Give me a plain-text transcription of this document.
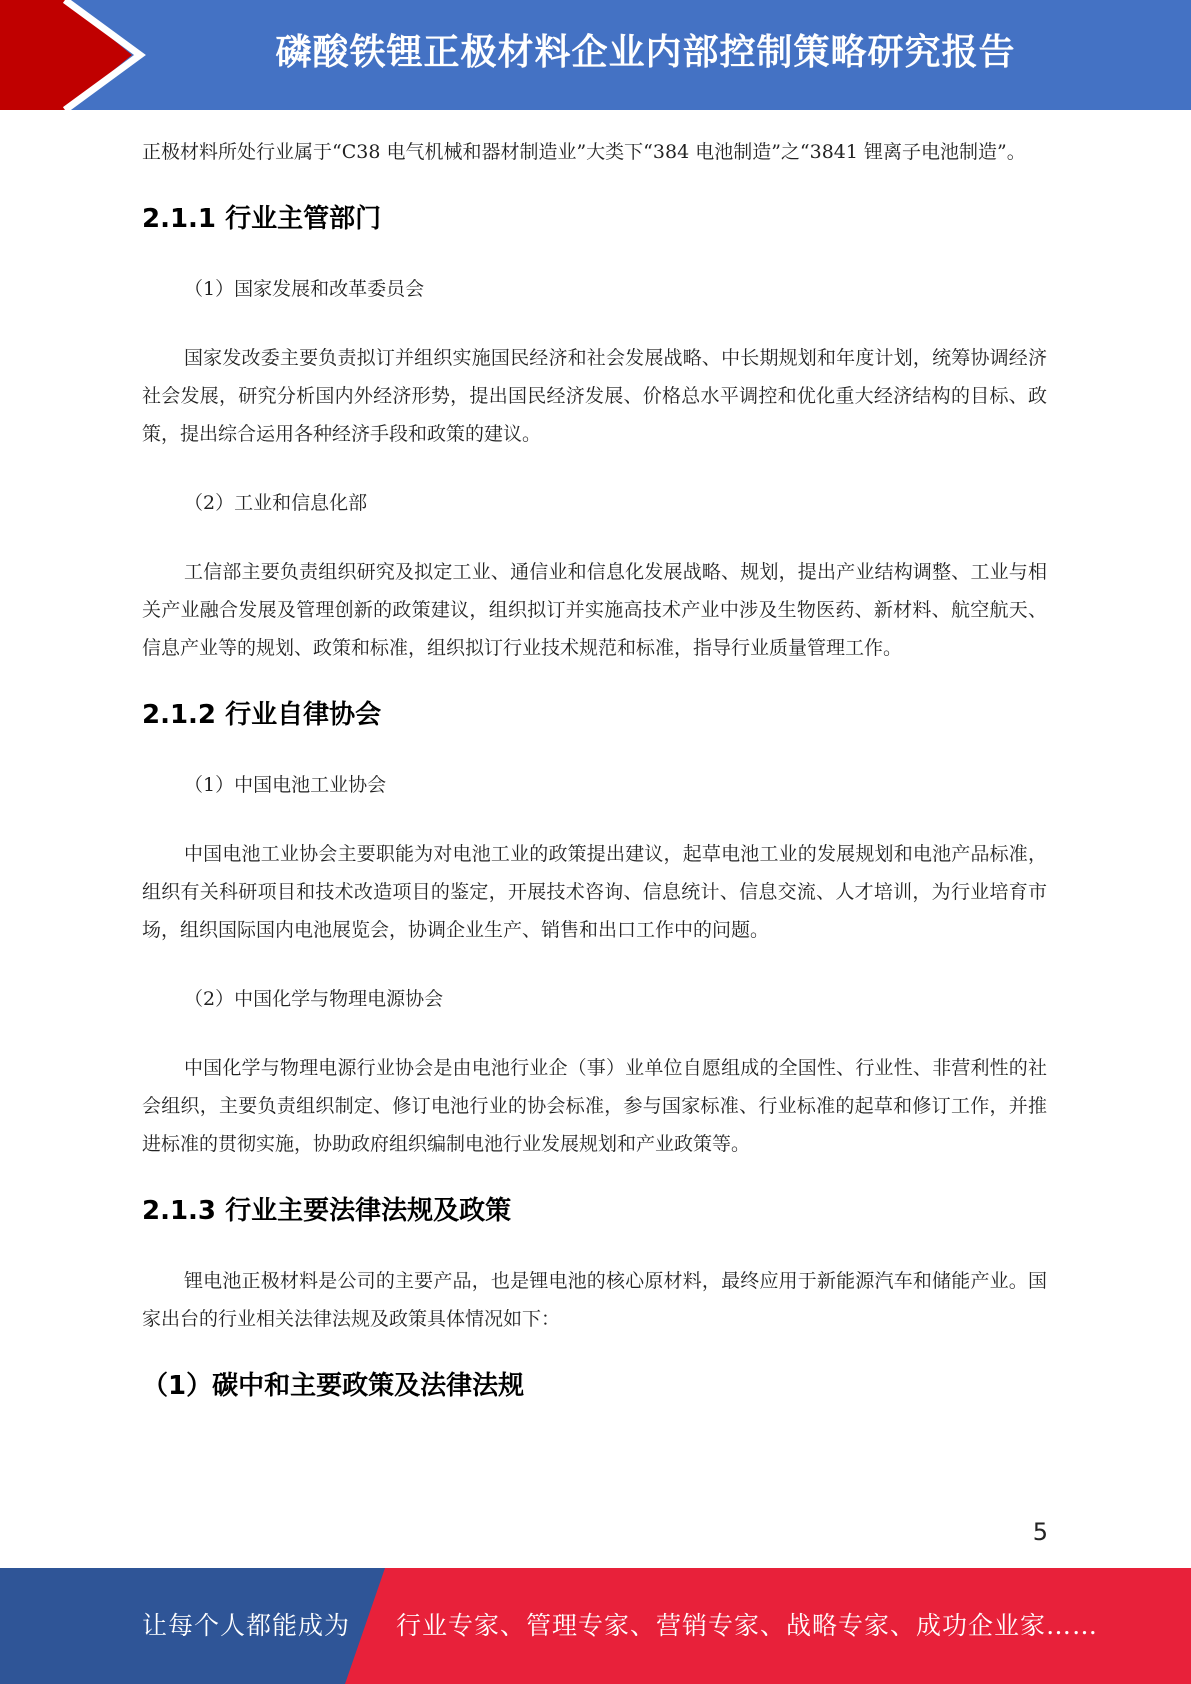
磷酸铁锂正极材料企业内部控制策略研究报告

正极材料所处行业属于“C38 电气机械和器材制造业”大类下“384 电池制造”之“3841 锂离子电池制造”。

2.1.1 行业主管部门

（1）国家发展和改革委员会

国家发改委主要负责拟订并组织实施国民经济和社会发展战略、中长期规划和年度计划，统筹协调经济社会发展，研究分析国内外经济形势，提出国民经济发展、价格总水平调控和优化重大经济结构的目标、政策，提出综合运用各种经济手段和政策的建议。

（2）工业和信息化部

工信部主要负责组织研究及拟定工业、通信业和信息化发展战略、规划，提出产业结构调整、工业与相关产业融合发展及管理创新的政策建议，组织拟订并实施高技术产业中涉及生物医药、新材料、航空航天、信息产业等的规划、政策和标准，组织拟订行业技术规范和标准，指导行业质量管理工作。

2.1.2 行业自律协会

（1）中国电池工业协会

中国电池工业协会主要职能为对电池工业的政策提出建议，起草电池工业的发展规划和电池产品标准，组织有关科研项目和技术改造项目的鉴定，开展技术咨询、信息统计、信息交流、人才培训，为行业培育市场，组织国际国内电池展览会，协调企业生产、销售和出口工作中的问题。

（2）中国化学与物理电源协会

中国化学与物理电源行业协会是由电池行业企（事）业单位自愿组成的全国性、行业性、非营利性的社会组织，主要负责组织制定、修订电池行业的协会标准，参与国家标准、行业标准的起草和修订工作，并推进标准的贯彻实施，协助政府组织编制电池行业发展规划和产业政策等。

2.1.3 行业主要法律法规及政策

锂电池正极材料是公司的主要产品，也是锂电池的核心原材料，最终应用于新能源汽车和储能产业。国家出台的行业相关法律法规及政策具体情况如下：

（1）碳中和主要政策及法律法规
5
让每个人都能成为 行业专家、管理专家、营销专家、战略专家、成功企业家……
